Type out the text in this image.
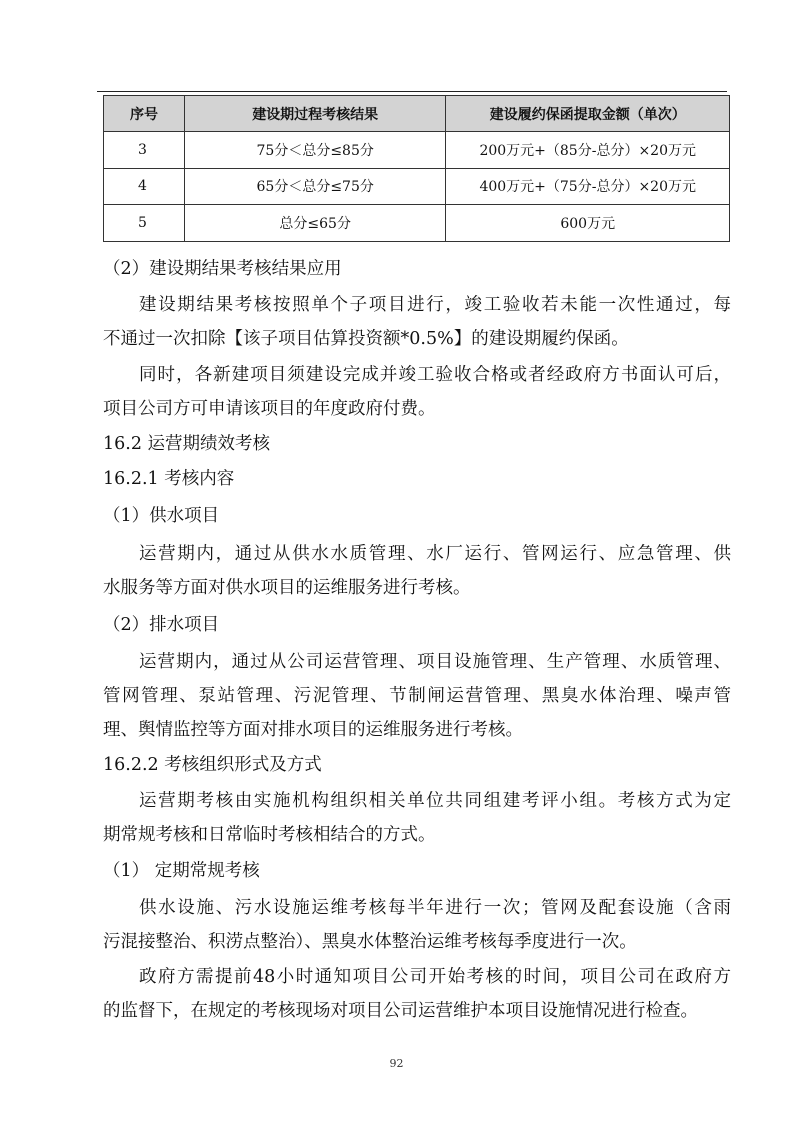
序号	建设期过程考核结果	建设履约保函提取金额（单次）
3	75分＜总分≤85分	200万元+（85分-总分）×20万元
4	65分＜总分≤75分	400万元+（75分-总分）×20万元
5	总分≤65分	600万元
（2）建设期结果考核结果应用
建设期结果考核按照单个子项目进行，竣工验收若未能一次性通过，每
不通过一次扣除【该子项目估算投资额*0.5%】的建设期履约保函。
同时，各新建项目须建设完成并竣工验收合格或者经政府方书面认可后，
项目公司方可申请该项目的年度政府付费。
16.2 运营期绩效考核
16.2.1 考核内容
（1）供水项目
运营期内，通过从供水水质管理、水厂运行、管网运行、应急管理、供
水服务等方面对供水项目的运维服务进行考核。
（2）排水项目
运营期内，通过从公司运营管理、项目设施管理、生产管理、水质管理、
管网管理、泵站管理、污泥管理、节制闸运营管理、黑臭水体治理、噪声管
理、舆情监控等方面对排水项目的运维服务进行考核。
16.2.2 考核组织形式及方式
运营期考核由实施机构组织相关单位共同组建考评小组。考核方式为定
期常规考核和日常临时考核相结合的方式。
（1） 定期常规考核
供水设施、污水设施运维考核每半年进行一次；管网及配套设施（含雨
污混接整治、积涝点整治）、黑臭水体整治运维考核每季度进行一次。
政府方需提前48小时通知项目公司开始考核的时间，项目公司在政府方
的监督下，在规定的考核现场对项目公司运营维护本项目设施情况进行检查。
92
